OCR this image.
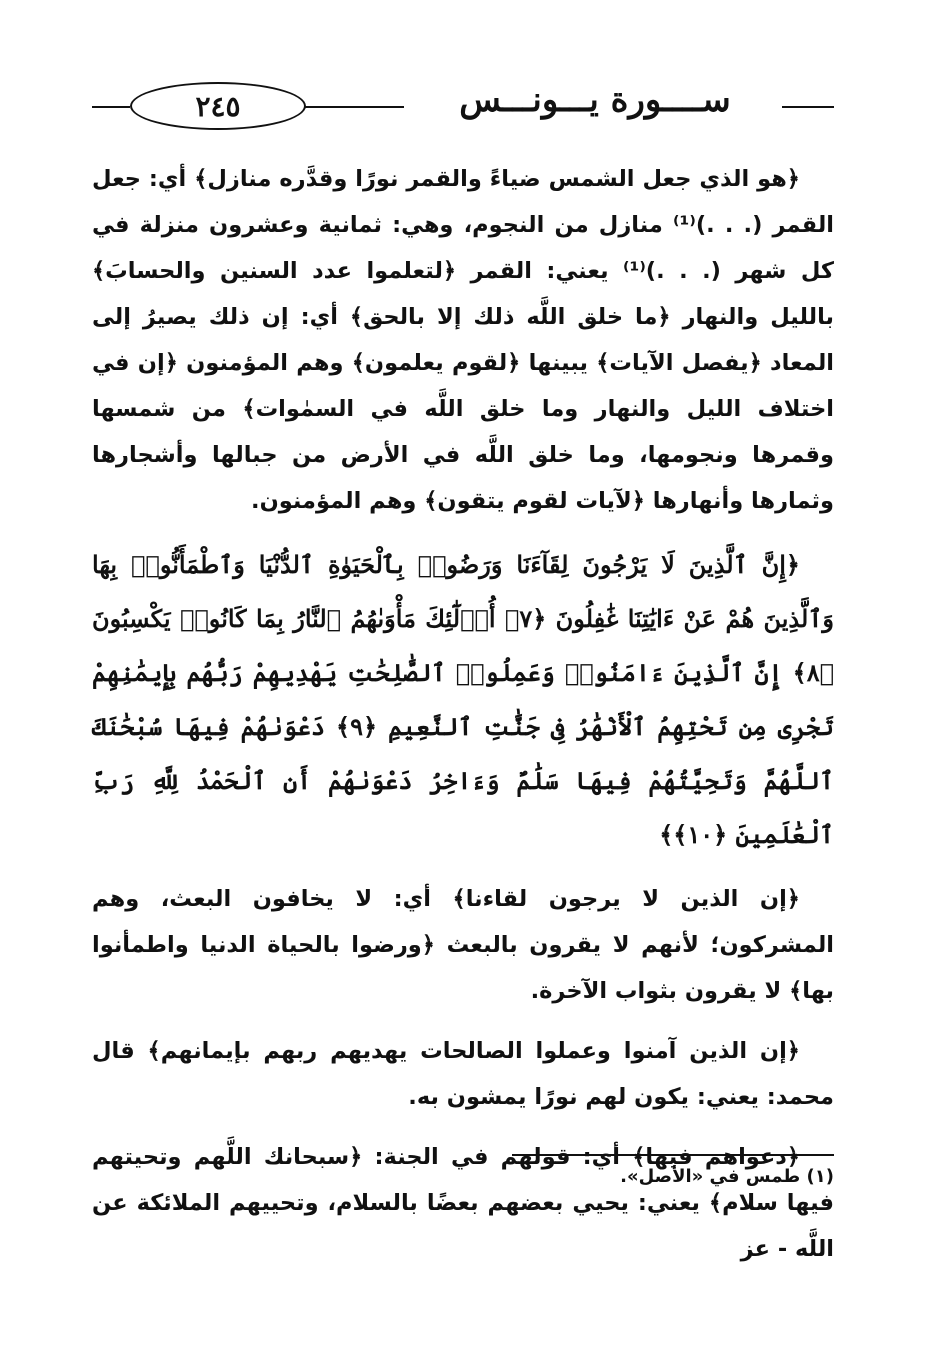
٢٤٥	ســــورة يـــونـــس

﴿هو الذي جعل الشمس ضياءً والقمر نورًا وقدَّره منازل﴾ أي: جعل القمر (. . .)⁽¹⁾ منازل من النجوم، وهي: ثمانية وعشرون منزلة في كل شهر (. . .)⁽¹⁾ يعني: القمر ﴿لتعلموا عدد السنين والحسابَ﴾ بالليل والنهار ﴿ما خلق اللَّه ذلك إلا بالحق﴾ أي: إن ذلك يصيرُ إلى المعاد ﴿يفصل الآيات﴾ يبينها ﴿لقوم يعلمون﴾ وهم المؤمنون ﴿إن في اختلاف الليل والنهار وما خلق اللَّه في السمٰوات﴾ من شمسها وقمرها ونجومها، وما خلق اللَّه في الأرض من جبالها وأشجارها وثمارها وأنهارها ﴿لآيات لقوم يتقون﴾ وهم المؤمنون.

﴿إِنَّ ٱلَّذِينَ لَا يَرْجُونَ لِقَآءَنَا وَرَضُوا۟ بِٱلْحَيَوٰةِ ٱلدُّنْيَا وَٱطْمَأَنُّوا۟ بِهَا وَٱلَّذِينَ هُمْ عَنْ ءَايَٰتِنَا غَٰفِلُونَ ﴿٧﴾ أُو۟لَٰٓئِكَ مَأْوَىٰهُمُ ٱلنَّارُ بِمَا كَانُوا۟ يَكْسِبُونَ ﴿٨﴾ إِنَّ ٱلَّذِينَ ءَامَنُوا۟ وَعَمِلُوا۟ ٱلصَّٰلِحَٰتِ يَهْدِيهِمْ رَبُّهُم بِإِيمَٰنِهِمْ تَجْرِى مِن تَحْتِهِمُ ٱلْأَنْهَٰرُ فِى جَنَّٰتِ ٱلنَّعِيمِ ﴿٩﴾ دَعْوَىٰهُمْ فِيهَا سُبْحَٰنَكَ ٱللَّهُمَّ وَتَحِيَّتُهُمْ فِيهَا سَلَٰمٌ وَءَاخِرُ دَعْوَىٰهُمْ أَنِ ٱلْحَمْدُ لِلَّهِ رَبِّ ٱلْعَٰلَمِينَ ﴿١٠﴾﴾

﴿إن الذين لا يرجون لقاءنا﴾ أي: لا يخافون البعث، وهم المشركون؛ لأنهم لا يقرون بالبعث ﴿ورضوا بالحياة الدنيا واطمأنوا بها﴾ لا يقرون بثواب الآخرة.

﴿إن الذين آمنوا وعملوا الصالحات يهديهم ربهم بإيمانهم﴾ قال محمد: يعني: يكون لهم نورًا يمشون به.

﴿دعواهم فيها﴾ أي: قولهم في الجنة: ﴿سبحانك اللَّهم وتحيتهم فيها سلام﴾ يعني: يحيي بعضهم بعضًا بالسلام، وتحييهم الملائكة عن اللَّه - عز

(١) طمس في «الأصل».
